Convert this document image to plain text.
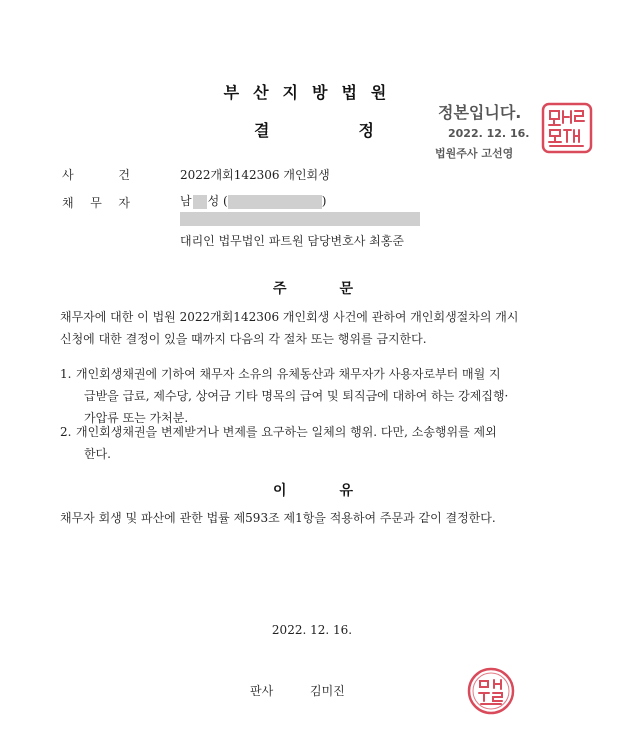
부산지방법원
결	정
정본입니다.
2022. 12. 16.
법원주사 고선영
사	건	2022개회142306 개인회생
채 무 자	남 성 (	)
대리인 법무법인 파트원 담당변호사 최홍준
주	문
채무자에 대한 이 법원 2022개회142306 개인회생 사건에 관하여 개인회생절차의 개시
신청에 대한 결정이 있을 때까지 다음의 각 절차 또는 행위를 금지한다.
1. 개인회생채권에 기하여 채무자 소유의 유체동산과 채무자가 사용자로부터 매월 지
급받을 급료, 제수당, 상여금 기타 명목의 급여 및 퇴직금에 대하여 하는 강제집행·
가압류 또는 가처분.
2. 개인회생채권을 변제받거나 변제를 요구하는 일체의 행위. 다만, 소송행위를 제외
한다.
이	유
채무자 회생 및 파산에 관한 법률 제593조 제1항을 적용하여 주문과 같이 결정한다.
2022. 12. 16.
판사	김미진
